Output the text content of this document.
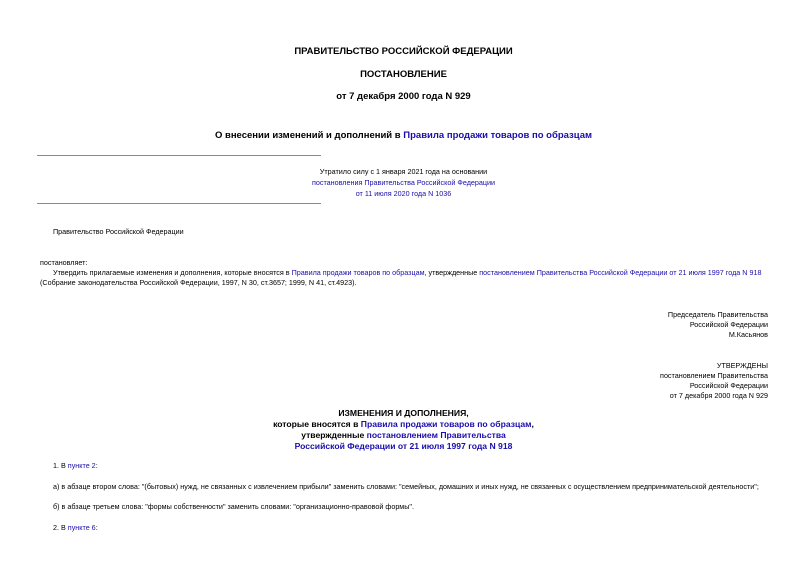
ПРАВИТЕЛЬСТВО РОССИЙСКОЙ ФЕДЕРАЦИИ
ПОСТАНОВЛЕНИЕ
от 7 декабря 2000 года N 929
О внесении изменений и дополнений в Правила продажи товаров по образцам
Утратило силу с 1 января 2021 года на основании
постановления Правительства Российской Федерации
от 11 июля 2020 года N 1036
Правительство Российской Федерации
постановляет:
Утвердить прилагаемые изменения и дополнения, которые вносятся в Правила продажи товаров по образцам, утвержденные постановлением Правительства Российской Федерации от 21 июля 1997 года N 918
(Собрание законодательства Российской Федерации, 1997, N 30, ст.3657; 1999, N 41, ст.4923).
Председатель Правительства
Российской Федерации
М.Касьянов
УТВЕРЖДЕНЫ
постановлением Правительства
Российской Федерации
от 7 декабря 2000 года N 929
ИЗМЕНЕНИЯ И ДОПОЛНЕНИЯ,
которые вносятся в Правила продажи товаров по образцам,
утвержденные постановлением Правительства
Российской Федерации от 21 июля 1997 года N 918
1. В пункте 2:
а) в абзаце втором слова: "(бытовых) нужд, не связанных с извлечением прибыли" заменить словами: "семейных, домашних и иных нужд, не связанных с осуществлением предпринимательской деятельности";
б) в абзаце третьем слова: "формы собственности" заменить словами: "организационно-правовой формы".
2. В пункте 6:
